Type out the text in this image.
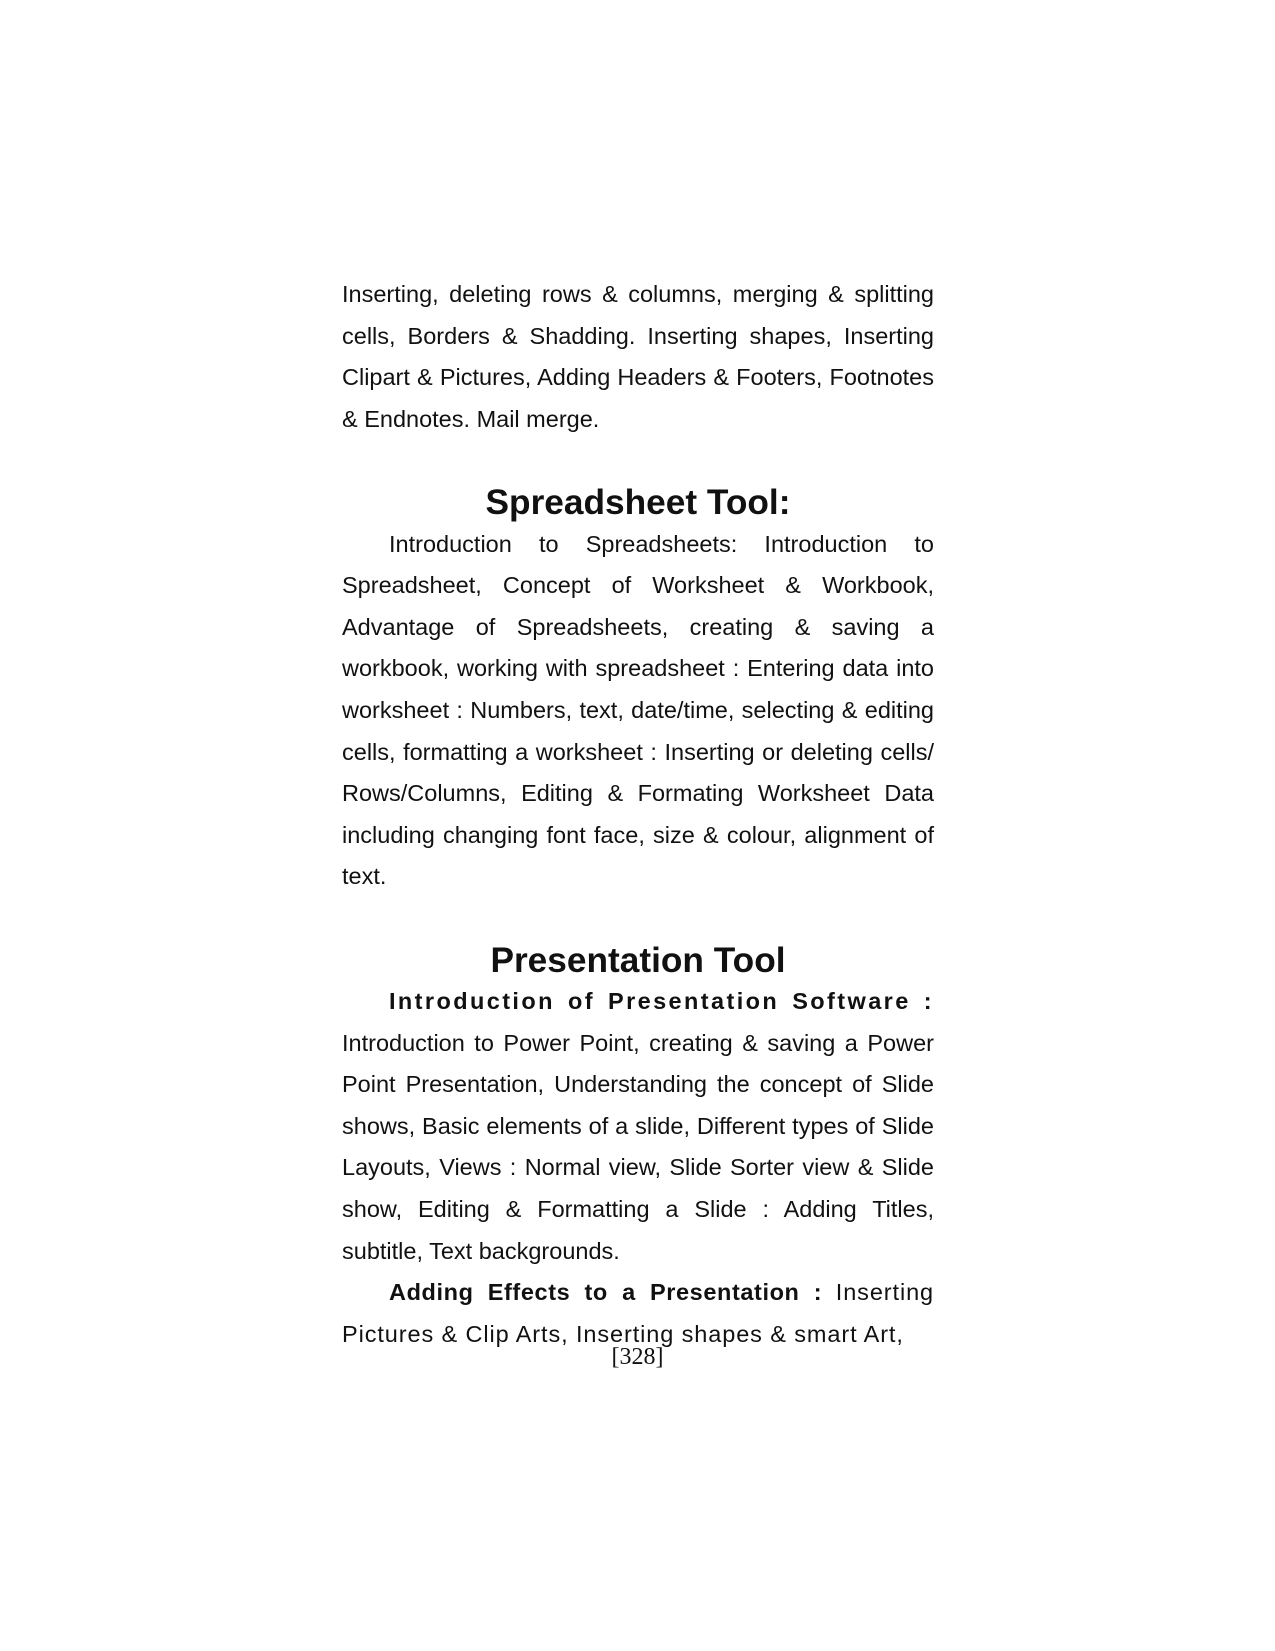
Inserting, deleting rows & columns, merging & splitting cells, Borders & Shadding. Inserting shapes, Inserting Clipart & Pictures, Adding Headers & Footers, Footnotes & Endnotes. Mail merge.

Spreadsheet Tool:

Introduction to Spreadsheets: Introduction to Spreadsheet, Concept of Worksheet & Workbook, Advantage of Spreadsheets, creating & saving a workbook, working with spreadsheet : Entering data into worksheet : Numbers, text, date/time, selecting & editing cells, formatting a worksheet : Inserting or deleting cells/ Rows/Columns, Editing & Formating Worksheet Data including changing font face, size & colour, alignment of text.

Presentation Tool

Introduction of Presentation Software : Introduction to Power Point, creating & saving a Power Point Presentation, Understanding the concept of Slide shows, Basic elements of a slide, Different types of Slide Layouts, Views : Normal view, Slide Sorter view & Slide show, Editing & Formatting a Slide : Adding Titles, subtitle, Text backgrounds.

Adding Effects to a Presentation : Inserting Pictures & Clip Arts, Inserting shapes & smart Art,

[328]
